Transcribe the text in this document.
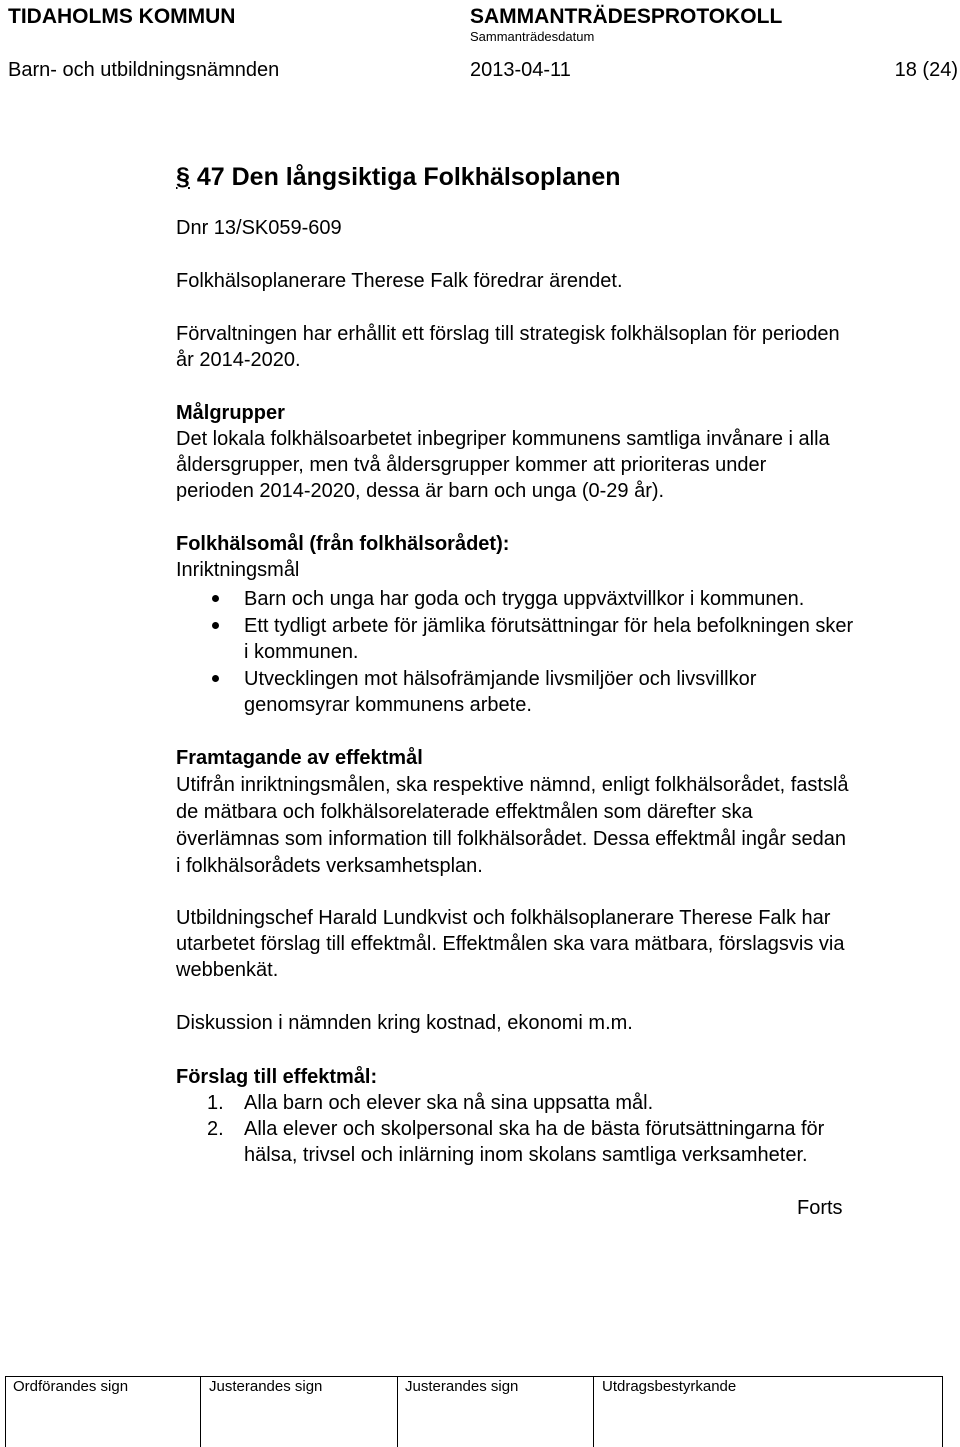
TIDAHOLMS KOMMUN	SAMMANTRÄDESPROTOKOLL
Sammanträdesdatum
Barn- och utbildningsnämnden	2013-04-11	18 (24)
§ 47 Den långsiktiga Folkhälsoplanen
Dnr 13/SK059-609
Folkhälsoplanerare Therese Falk föredrar ärendet.
Förvaltningen har erhållit ett förslag till strategisk folkhälsoplan för perioden
år 2014-2020.
Målgrupper
Det lokala folkhälsoarbetet inbegriper kommunens samtliga invånare i alla
åldersgrupper, men två åldersgrupper kommer att prioriteras under
perioden 2014-2020, dessa är barn och unga (0-29 år).
Folkhälsomål (från folkhälsorådet):
Inriktningsmål
Barn och unga har goda och trygga uppväxtvillkor i kommunen.
Ett tydligt arbete för jämlika förutsättningar för hela befolkningen sker
i kommunen.
Utvecklingen mot hälsofrämjande livsmiljöer och livsvillkor
genomsyrar kommunens arbete.
Framtagande av effektmål
Utifrån inriktningsmålen, ska respektive nämnd, enligt folkhälsorådet, fastslå
de mätbara och folkhälsorelaterade effektmålen som därefter ska
överlämnas som information till folkhälsorådet. Dessa effektmål ingår sedan
i folkhälsorådets verksamhetsplan.
Utbildningschef Harald Lundkvist och folkhälsoplanerare Therese Falk har
utarbetet förslag till effektmål. Effektmålen ska vara mätbara, förslagsvis via
webbenkät.
Diskussion i nämnden kring kostnad, ekonomi m.m.
Förslag till effektmål:
1. Alla barn och elever ska nå sina uppsatta mål.
2. Alla elever och skolpersonal ska ha de bästa förutsättningarna för
hälsa, trivsel och inlärning inom skolans samtliga verksamheter.
Forts
Ordförandes sign	Justerandes sign	Justerandes sign	Utdragsbestyrkande
